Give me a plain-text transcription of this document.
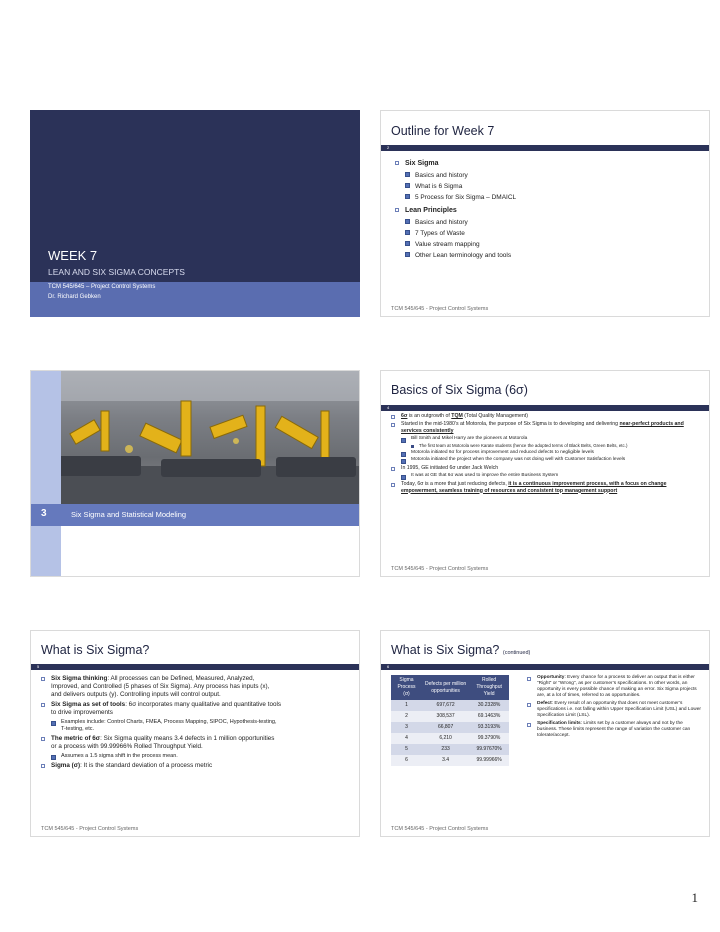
WEEK 7
LEAN AND SIX SIGMA CONCEPTS
TCM 545/645 – Project Control Systems
Dr. Richard Gebken
Outline for Week 7
2
Six Sigma
Basics and history
What is 6 Sigma
5 Process for Six Sigma – DMAICL
Lean Principles
Basics and history
7 Types of Waste
Value stream mapping
Other Lean terminology and tools
TCM 545/645 - Project Control Systems
3	Six Sigma and Statistical Modeling
Basics of Six Sigma (6σ)
4
6σ is an outgrowth of TQM (Total Quality Management)
Started in the mid-1980’s at Motorola, the purpose of Six Sigma is to developing and delivering near-perfect products and services consistently
Bill Smith and Mikel Harry are the pioneers at Motorola
The first team at Motorola were Karate students (hence the adopted terms of Black Belts, Green Belts, etc.)
Motorola initiated 6σ for process improvement and reduced defects to negligible levels
Motorola initiated the project when the company was not doing well with Customer Satisfaction levels
In 1995, GE initiated 6σ under Jack Welch
It was at GE that 6σ was used to improve the entire Business System
Today, 6σ is a more that just reducing defects, it is a continuous improvement process, with a focus on change empowerment, seamless training of resources and consistent top management support
TCM 545/645 - Project Control Systems
What is Six Sigma?
5
Six Sigma thinking: All processes can be Defined, Measured, Analyzed, Improved, and Controlled (5 phases of Six Sigma). Any process has inputs (x), and delivers outputs (y). Controlling inputs will control output.
Six Sigma as set of tools: 6σ incorporates many qualitative and quantitative tools to drive improvements
Examples include: Control Charts, FMEA, Process Mapping, SIPOC, Hypothesis-testing, T-testing, etc.
The metric of 6σ: Six Sigma quality means 3.4 defects in 1 million opportunities or a process with 99.99966% Rolled Throughput Yield.
Assumes a 1.5 sigma shift in the process mean.
Sigma (σ): It is the standard deviation of a process metric
TCM 545/645 - Project Control Systems
What is Six Sigma? (continued)
6
Sigma Process (σ)	Defects per million opportunities	Rolled Throughput Yield
1	697,672	30.2328%
2	308,537	69.1463%
3	66,807	93.3193%
4	6,210	99.3790%
5	233	99.97670%
6	3.4	99.99966%
Opportunity: Every chance for a process to deliver an output that is either “Right” or “Wrong”, as per customer’s specifications. In other words, an opportunity is every possible chance of making an error. Six Sigma projects are, at a lot of times, referred to as opportunities.
Defect: Every result of an opportunity that does not meet customer’s specifications i.e. not falling within Upper Specification Limit (USL) and Lower Specification Limit (LSL).
Specification limits: Limits set by a customer always and not by the business. These limits represent the range of variation the customer can tolerate/accept.
TCM 545/645 - Project Control Systems
1
